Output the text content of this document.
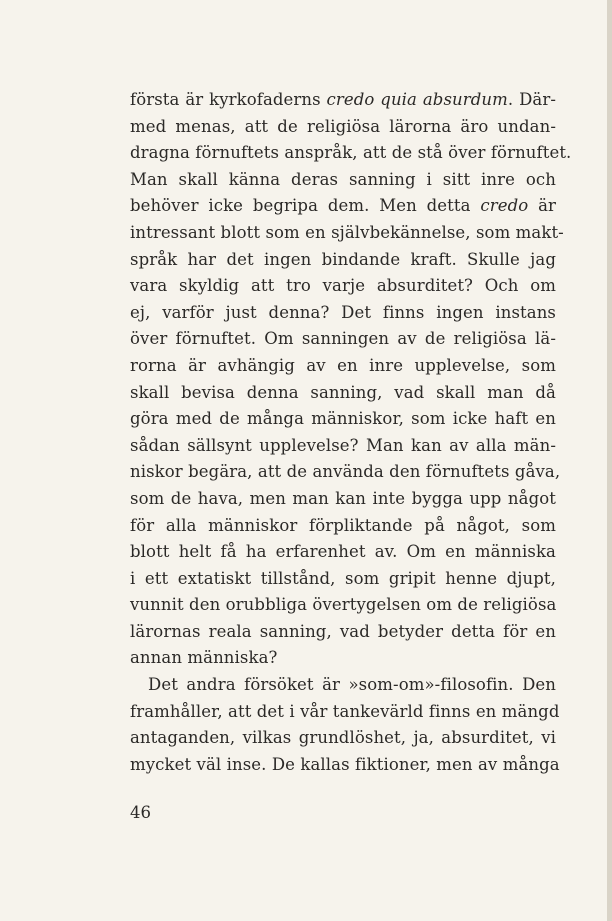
första är kyrkofaderns credo quia absurdum. Där-
med menas, att de religiösa lärorna äro undan-
dragna förnuftets anspråk, att de stå över förnuftet.
Man skall känna deras sanning i sitt inre och
behöver icke begripa dem. Men detta credo är
intressant blott som en självbekännelse, som makt-
språk har det ingen bindande kraft. Skulle jag
vara skyldig att tro varje absurditet? Och om
ej, varför just denna? Det finns ingen instans
över förnuftet. Om sanningen av de religiösa lä-
rorna är avhängig av en inre upplevelse, som
skall bevisa denna sanning, vad skall man då
göra med de många människor, som icke haft en
sådan sällsynt upplevelse? Man kan av alla män-
niskor begära, att de använda den förnuftets gåva,
som de hava, men man kan inte bygga upp något
för alla människor förpliktande på något, som
blott helt få ha erfarenhet av. Om en människa
i ett extatiskt tillstånd, som gripit henne djupt,
vunnit den orubbliga övertygelsen om de religiösa
lärornas reala sanning, vad betyder detta för en
annan människa?
Det andra försöket är »som-om»-filosofin. Den
framhåller, att det i vår tankevärld finns en mängd
antaganden, vilkas grundlöshet, ja, absurditet, vi
mycket väl inse. De kallas fiktioner, men av många
46
